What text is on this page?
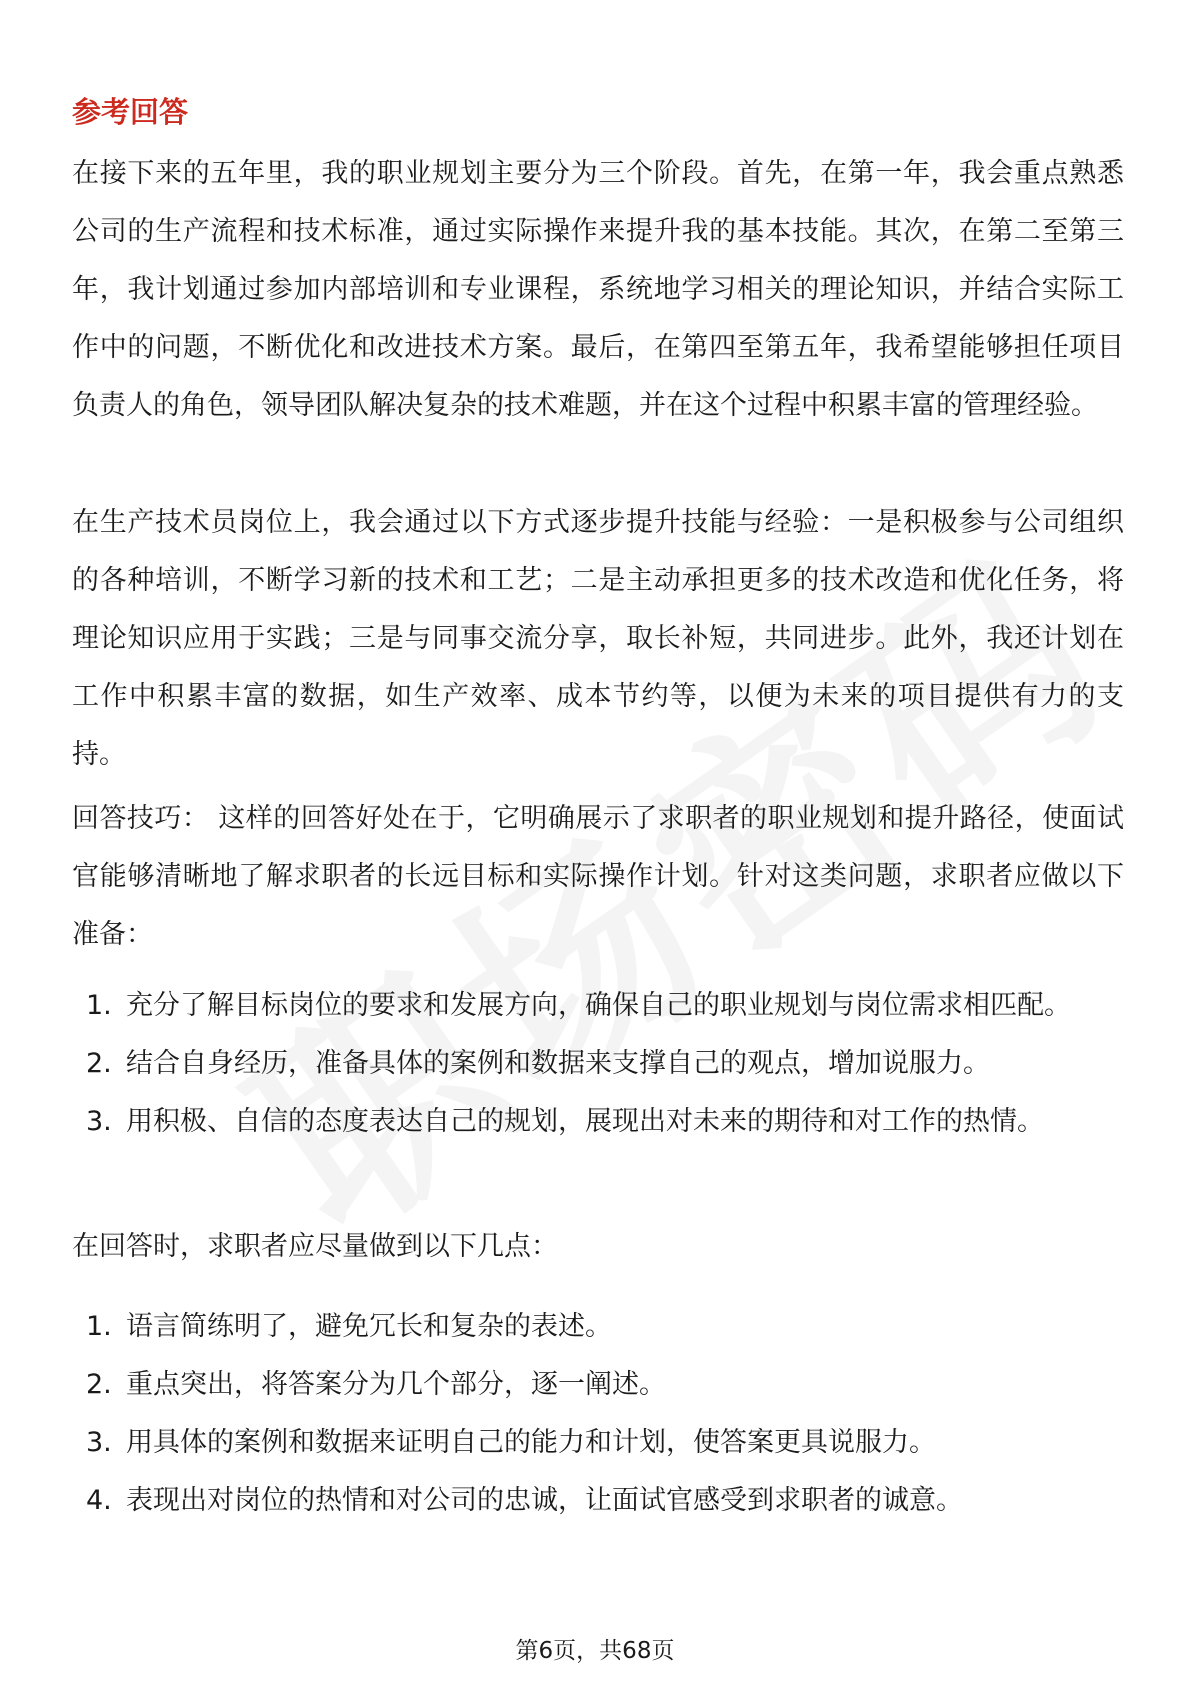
参考回答

在接下来的五年里，我的职业规划主要分为三个阶段。首先，在第一年，我会重点熟悉公司的生产流程和技术标准，通过实际操作来提升我的基本技能。其次，在第二至第三年，我计划通过参加内部培训和专业课程，系统地学习相关的理论知识，并结合实际工作中的问题，不断优化和改进技术方案。最后，在第四至第五年，我希望能够担任项目负责人的角色，领导团队解决复杂的技术难题，并在这个过程中积累丰富的管理经验。

在生产技术员岗位上，我会通过以下方式逐步提升技能与经验：一是积极参与公司组织的各种培训，不断学习新的技术和工艺；二是主动承担更多的技术改造和优化任务，将理论知识应用于实践；三是与同事交流分享，取长补短，共同进步。此外，我还计划在工作中积累丰富的数据，如生产效率、成本节约等，以便为未来的项目提供有力的支持。

回答技巧： 这样的回答好处在于，它明确展示了求职者的职业规划和提升路径，使面试官能够清晰地了解求职者的长远目标和实际操作计划。针对这类问题，求职者应做以下准备：

1. 充分了解目标岗位的要求和发展方向，确保自己的职业规划与岗位需求相匹配。
2. 结合自身经历，准备具体的案例和数据来支撑自己的观点，增加说服力。
3. 用积极、自信的态度表达自己的规划，展现出对未来的期待和对工作的热情。

在回答时，求职者应尽量做到以下几点：

1. 语言简练明了，避免冗长和复杂的表述。
2. 重点突出，将答案分为几个部分，逐一阐述。
3. 用具体的案例和数据来证明自己的能力和计划，使答案更具说服力。
4. 表现出对岗位的热情和对公司的忠诚，让面试官感受到求职者的诚意。
第6页，共68页
